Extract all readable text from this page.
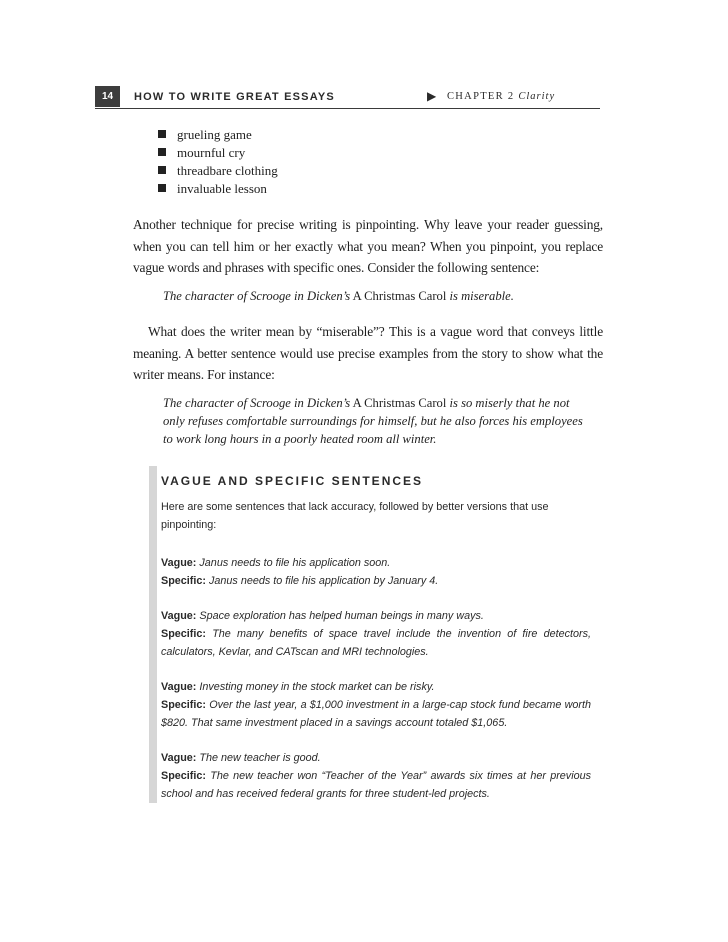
14	HOW TO WRITE GREAT ESSAYS	▶ CHAPTER 2 Clarity
grueling game
mournful cry
threadbare clothing
invaluable lesson

Another technique for precise writing is pinpointing. Why leave your reader guessing, when you can tell him or her exactly what you mean? When you pinpoint, you replace vague words and phrases with specific ones. Consider the following sentence:

The character of Scrooge in Dicken’s A Christmas Carol is miserable.

What does the writer mean by “miserable”? This is a vague word that conveys little meaning. A better sentence would use precise examples from the story to show what the writer means. For instance:

The character of Scrooge in Dicken’s A Christmas Carol is so miserly that he not only refuses comfortable surroundings for himself, but he also forces his employees to work long hours in a poorly heated room all winter.

VAGUE AND SPECIFIC SENTENCES

Here are some sentences that lack accuracy, followed by better versions that use pinpointing:

Vague: Janus needs to file his application soon.

Specific: Janus needs to file his application by January 4.

Vague: Space exploration has helped human beings in many ways.

Specific: The many benefits of space travel include the invention of fire detectors, calculators, Kevlar, and CATscan and MRI technologies.

Vague: Investing money in the stock market can be risky.

Specific: Over the last year, a $1,000 investment in a large-cap stock fund became worth $820. That same investment placed in a savings account totaled $1,065.

Vague: The new teacher is good.

Specific: The new teacher won “Teacher of the Year” awards six times at her previous school and has received federal grants for three student-led projects.
